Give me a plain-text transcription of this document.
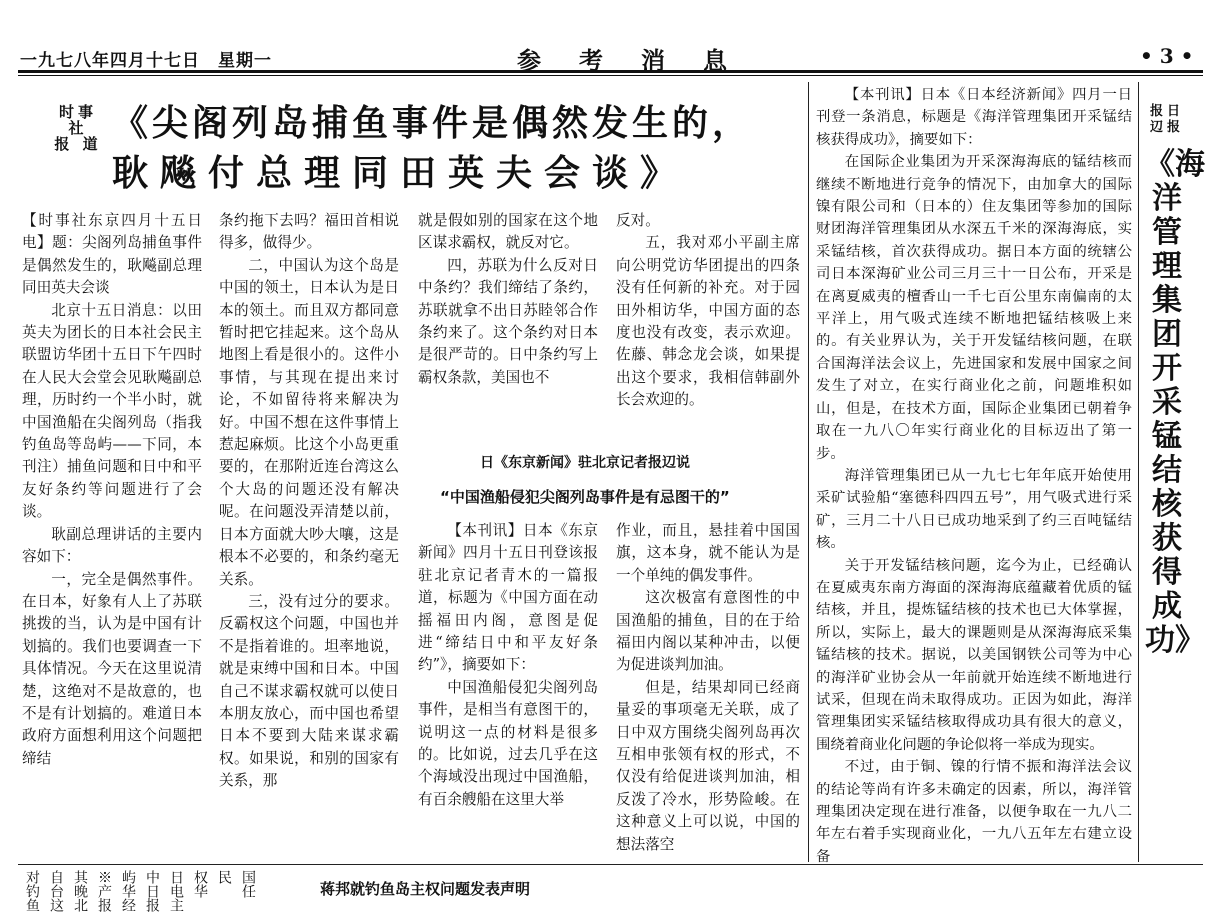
一九七八年四月十七日　星期一	参考消息	• 3 •
时事社
报 道 《尖阁列岛捕鱼事件是偶然发生的，
耿飚付总理同田英夫会谈》

【时事社东京四月十五日电】题：尖阁列岛捕鱼事件是偶然发生的，耿飚副总理同田英夫会谈

北京十五日消息：以田英夫为团长的日本社会民主联盟访华团十五日下午四时在人民大会堂会见耿飚副总理，历时约一个半小时，就中国渔船在尖阁列岛（指我钓鱼岛等岛屿——下同，本刊注）捕鱼问题和日中和平友好条约等问题进行了会谈。

耿副总理讲话的主要内容如下：

一，完全是偶然事件。在日本，好象有人上了苏联挑拨的当，认为是中国有计划搞的。我们也要调查一下具体情况。今天在这里说清楚，这绝对不是故意的，也不是有计划搞的。难道日本政府方面想利用这个问题把缔结

条约拖下去吗？福田首相说得多，做得少。

二，中国认为这个岛是中国的领土，日本认为是日本的领土。而且双方都同意暂时把它挂起来。这个岛从地图上看是很小的。这件小事情，与其现在提出来讨论，不如留待将来解决为好。中国不想在这件事情上惹起麻烦。比这个小岛更重要的，在那附近连台湾这么个大岛的问题还没有解决呢。在问题没弄清楚以前，日本方面就大吵大嚷，这是根本不必要的，和条约毫无关系。

三，没有过分的要求。反霸权这个问题，中国也并不是指着谁的。坦率地说，就是束缚中国和日本。中国自己不谋求霸权就可以使日本朋友放心，而中国也希望日本不要到大陆来谋求霸权。如果说，和别的国家有关系，那

就是假如别的国家在这个地区谋求霸权，就反对它。

四，苏联为什么反对日中条约？我们缔结了条约，苏联就拿不出日苏睦邻合作条约来了。这个条约对日本是很严苛的。日中条约写上霸权条款，美国也不

反对。

五，我对邓小平副主席向公明党访华团提出的四条没有任何新的补充。对于园田外相访华，中国方面的态度也没有改变，表示欢迎。佐藤、韩念龙会谈，如果提出这个要求，我相信韩副外长会欢迎的。

日《东京新闻》驻北京记者报辺说
“中国渔船侵犯尖阁列岛事件是有忌图干的”

【本刊讯】日本《东京新闻》四月十五日刊登该报驻北京记者青木的一篇报道，标题为《中国方面在动摇福田内阁，意图是促进“缔结日中和平友好条约”》，摘要如下：

中国渔船侵犯尖阁列岛事件，是相当有意图干的，说明这一点的材料是很多的。比如说，过去几乎在这个海域没出现过中国渔船，有百余艘船在这里大举

作业，而且，悬挂着中国国旗，这本身，就不能认为是一个单纯的偶发事件。

这次极富有意图性的中国渔船的捕鱼，目的在于给福田内阁以某种冲击，以便为促进谈判加油。

但是，结果却同已经商量妥的事项毫无关联，成了日中双方围绕尖阁列岛再次互相申张领有权的形式，不仅没有给促进谈判加油，相反泼了冷水，形势险峻。在这种意义上可以说，中国的想法落空

【本刊讯】日本《日本经济新闻》四月一日刊登一条消息，标题是《海洋管理集团开采锰结核获得成功》，摘要如下：

在国际企业集团为开采深海海底的锰结核而继续不断地进行竞争的情况下，由加拿大的国际镍有限公司和（日本的）住友集团等参加的国际财团海洋管理集团从水深五千米的深海海底，实采锰结核，首次获得成功。据日本方面的统辖公司日本深海矿业公司三月三十一日公布，开采是在离夏威夷的檀香山一千七百公里东南偏南的太平洋上，用气吸式连续不断地把锰结核吸上来的。有关业界认为，关于开发锰结核问题，在联合国海洋法会议上，先进国家和发展中国家之间发生了对立，在实行商业化之前，问题堆积如山，但是，在技术方面，国际企业集团已朝着争取在一九八〇年实行商业化的目标迈出了第一步。

海洋管理集团已从一九七七年年底开始使用采矿试验船“塞德科四四五号”，用气吸式进行采矿，三月二十八日已成功地采到了约三百吨锰结核。

关于开发锰结核问题，迄今为止，已经确认在夏威夷东南方海面的深海海底蕴藏着优质的锰结核，并且，提炼锰结核的技术也已大体掌握，所以，实际上，最大的课题则是从深海海底采集锰结核的技术。据说，以美国钢铁公司等为中心的海洋矿业协会从一年前就开始连续不断地进行试采，但现在尚未取得成功。正因为如此，海洋管理集团实采锰结核取得成功具有很大的意义，围绕着商业化问题的争论似将一举成为现实。

不过，由于铜、镍的行情不振和海洋法会议的结论等尚有许多未确定的因素，所以，海洋管理集团决定现在进行准备，以便争取在一九八二年左右着手实现商业化，一九八五年左右建立设备

报日
辺报
《海洋管理集团开采锰结核获得成功》
对钓鱼 自台这 其晚北 ※产报 屿华经 中日报 日电主 权华 民 国任	蒋邦就钓鱼岛主权问题发表声明
